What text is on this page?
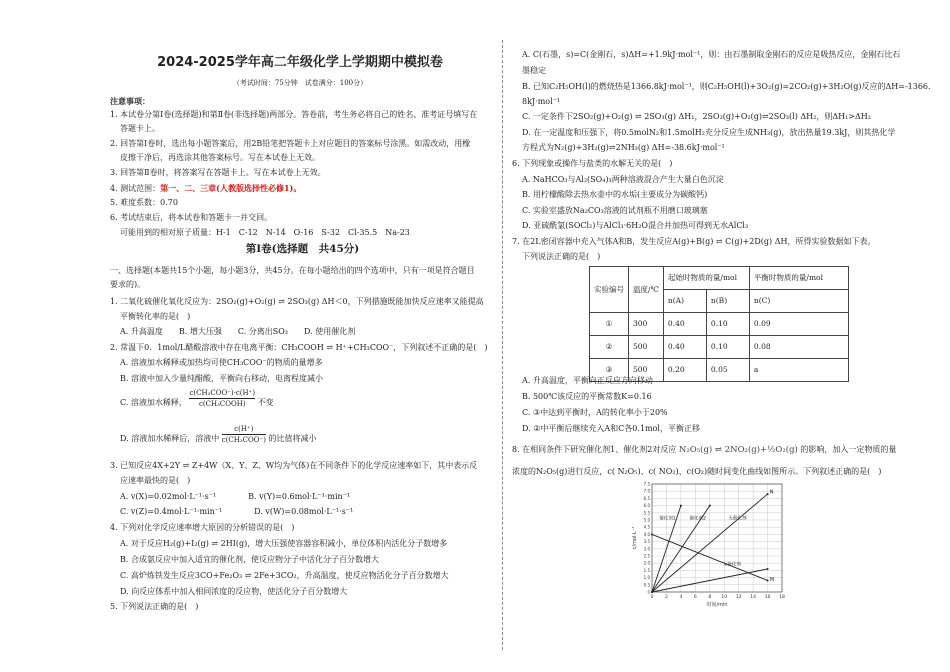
2024-2025学年高二年级化学上学期期中模拟卷
（考试时间：75分钟　试卷满分：100分）
注意事项：
1. 本试卷分第Ⅰ卷(选择题)和第Ⅱ卷(非选择题)两部分。答卷前，考生务必将自己的姓名、准考证号填写在
答题卡上。
2. 回答第Ⅰ卷时，选出每小题答案后，用2B铅笔把答题卡上对应题目的答案标号涂黑。如需改动，用橡
皮擦干净后，再选涂其他答案标号。写在本试卷上无效。
3. 回答第Ⅱ卷时，将答案写在答题卡上。写在本试卷上无效。
4. 测试范围：第一、二、三章(人教版选择性必修1)。
5. 难度系数：0.70
6. 考试结束后，将本试卷和答题卡一并交回。
可能用到的相对原子质量：H-1　C-12　N-14　O-16　S-32　Cl-35.5　Na-23
第Ⅰ卷(选择题　共45分)
一、选择题(本题共15个小题，每小题3分，共45分。在每小题给出的四个选项中，只有一项是符合题目
要求的)。
1. 二氧化硫催化氧化反应为：2SO₂(g)+O₂(g) ⇌ 2SO₃(g) ΔH＜0，下列措施既能加快反应速率又能提高
平衡转化率的是(　)
A. 升高温度　　B. 增大压强　　C. 分离出SO₃　　D. 使用催化剂
2. 常温下0．1mol/L醋酸溶液中存在电离平衡：CH₃COOH ⇌ H⁺+CH₃COO⁻，下列叙述不正确的是(　)
A. 溶液加水稀释或加热均可使CH₃COO⁻的物质的量增多
B. 溶液中加入少量纯醋酸，平衡向右移动，电离程度减小
C. 溶液加水稀释，
c(CH₃COO⁻)·c(H⁺)
c(CH₃COOH)	不变
D. 溶液加水稀释后，溶液中
c(H⁺)
c(CH₃COO⁻) 的比值将减小
3. 已知反应4X+2Y ⇌ Z+4W（X、Y、Z、W均为气体)在不同条件下的化学反应速率如下，其中表示反
应速率最快的是(　)
A. v(X)=0.02mol·L⁻¹·s⁻¹　　　　B. v(Y)=0.6mol·L⁻¹·min⁻¹
C. v(Z)=0.4mol·L⁻¹·min⁻¹　　　　D. v(W)=0.08mol·L⁻¹·s⁻¹
4. 下列对化学反应速率增大原因的分析错误的是(　)
A. 对于反应H₂(g)+I₂(g) ⇌ 2HI(g)，增大压强使容器容积减小，单位体积内活化分子数增多
B. 合成氨反应中加入适宜的催化剂，使反应物分子中活化分子百分数增大
C. 高炉炼铁发生反应3CO+Fe₂O₃ ⇌ 2Fe+3CO₂，升高温度，使反应物活化分子百分数增大
D. 向反应体系中加入相同浓度的反应物，使活化分子百分数增大
5. 下列说法正确的是(　)
A. C(石墨，s)=C(金刚石，s)ΔH=+1.9kJ·mol⁻¹，则：由石墨制取金刚石的反应是吸热反应，金刚石比石
墨稳定
B. 已知C₂H₅OH(l)的燃烧热是1366.8kJ·mol⁻¹，则C₂H₅OH(l)+3O₂(g)=2CO₂(g)+3H₂O(g)反应的ΔH=-1366.
8kJ·mol⁻¹
C. 一定条件下2SO₂(g)+O₂(g) ⇌ 2SO₃(g) ΔH₁，2SO₂(g)+O₂(g)⇌2SO₃(l) ΔH₂，则ΔH₁>ΔH₂
D. 在一定温度和压强下，将0.5molN₂和1.5molH₂充分反应生成NH₃(g)，放出热量19.3kJ，则其热化学
方程式为N₂(g)+3H₂(g)⇌2NH₃(g) ΔH=-38.6kJ·mol⁻¹
6. 下列现象或操作与盐类的水解无关的是(　)
A. NaHCO₃与Al₂(SO₄)₃两种溶液混合产生大量白色沉淀
B. 用柠檬酸除去热水壶中的水垢(主要成分为碳酸钙)
C. 实验室盛放Na₂CO₃溶液的试剂瓶不用磨口玻璃塞
D. 亚硫酰氯(SOCl₂)与AlCl₃·6H₂O混合并加热可得到无水AlCl₃
7. 在2L密闭容器中充入气体A和B，发生反应A(g)+B(g) ⇌ C(g)+2D(g) ΔH，所得实验数据如下表。
下列说法正确的是(　)
实验编号	温度/℃	起始时物质的量/mol		平衡时物质的量/mol
		n(A)	n(B)	n(C)
①	300	0.40	0.10	0.09
②	500	0.40	0.10	0.08
③	500	0.20	0.05	a
A. 升高温度，平衡向正反应方向移动
B. 500℃该反应的平衡常数K=0.16
C. ③中达到平衡时，A的转化率小于20%
D. ②中平衡后继续充入A和C各0.1mol，平衡正移
8. 在相同条件下研究催化剂1、催化剂2对反应 N₂O₅(g) ⇌ 2NO₂(g)+½O₂(g) 的影响，加入一定物质的量
浓度的N₂O₅(g)进行反应，c( N₂O₅)、c( NO₂)、c(O₂)随时间变化曲线如图所示。下列叙述正确的是(　)
0
0.5
1.0
1.5
2.0
2.5
3.0
3.5
4.0
4.5
5.0
5.5
6.0
6.5
7.0
7.5
0	2	4	6	8 10 12 14 16 18
时间/min
c/mol·L⁻¹
催化剂1	催化剂2	无催化剂
无催化剂
N
M
